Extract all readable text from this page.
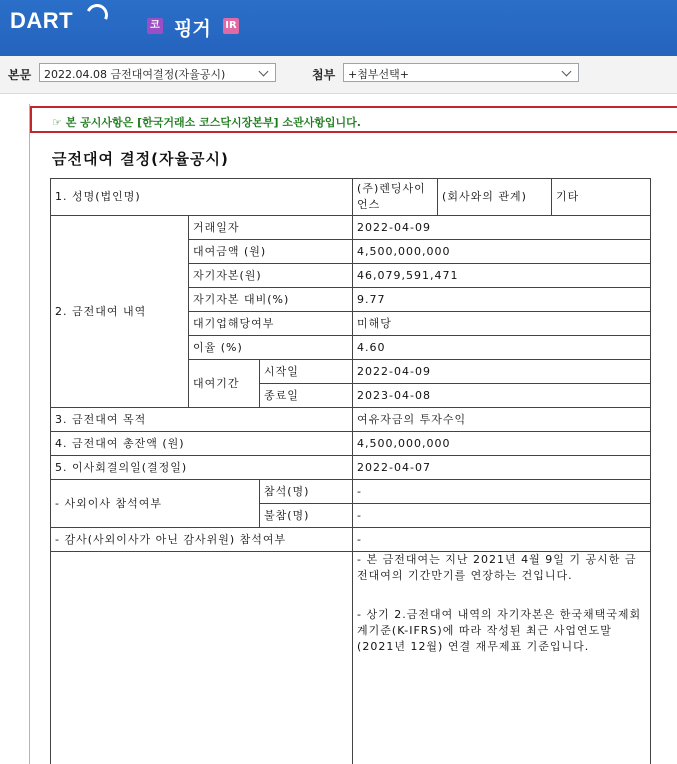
DART	코 핑거 IR
본문	2022.04.08 금전대여결정(자율공시)	첨부	+첨부선택+
☞ 본 공시사항은 [한국거래소 코스닥시장본부] 소관사항입니다.
금전대여 결정(자율공시)
1. 성명(법인명)			(주)렌딩사이언스	(회사와의 관계)	기타
2. 금전대여 내역	거래일자		2022-04-09		
	대여금액 (원)		4,500,000,000		
	자기자본(원)		46,079,591,471		
	자기자본 대비(%)		9.77		
	대기업해당여부		미해당		
	이율 (%)		4.60		
	대여기간	시작일	2022-04-09		
		종료일	2023-04-08		
3. 금전대여 목적			여유자금의 투자수익		
4. 금전대여 총잔액 (원)			4,500,000,000		
5. 이사회결의일(결정일)			2022-04-07		
- 사외이사 참석여부		참석(명)	-		
		불참(명)	-		
- 감사(사외이사가 아닌 감사위원) 참석여부			-		

			- 본 금전대여는 지난 2021년 4월 9일 기 공시한 금전대여의 기간만기를 연장하는 건입니다.
- 상기 2.금전대여 내역의 자기자본은 한국채택국제회계기준(K-IFRS)에 따라 작성된 최근 사업연도말(2021년 12월) 연결 재무제표 기준입니다.		
